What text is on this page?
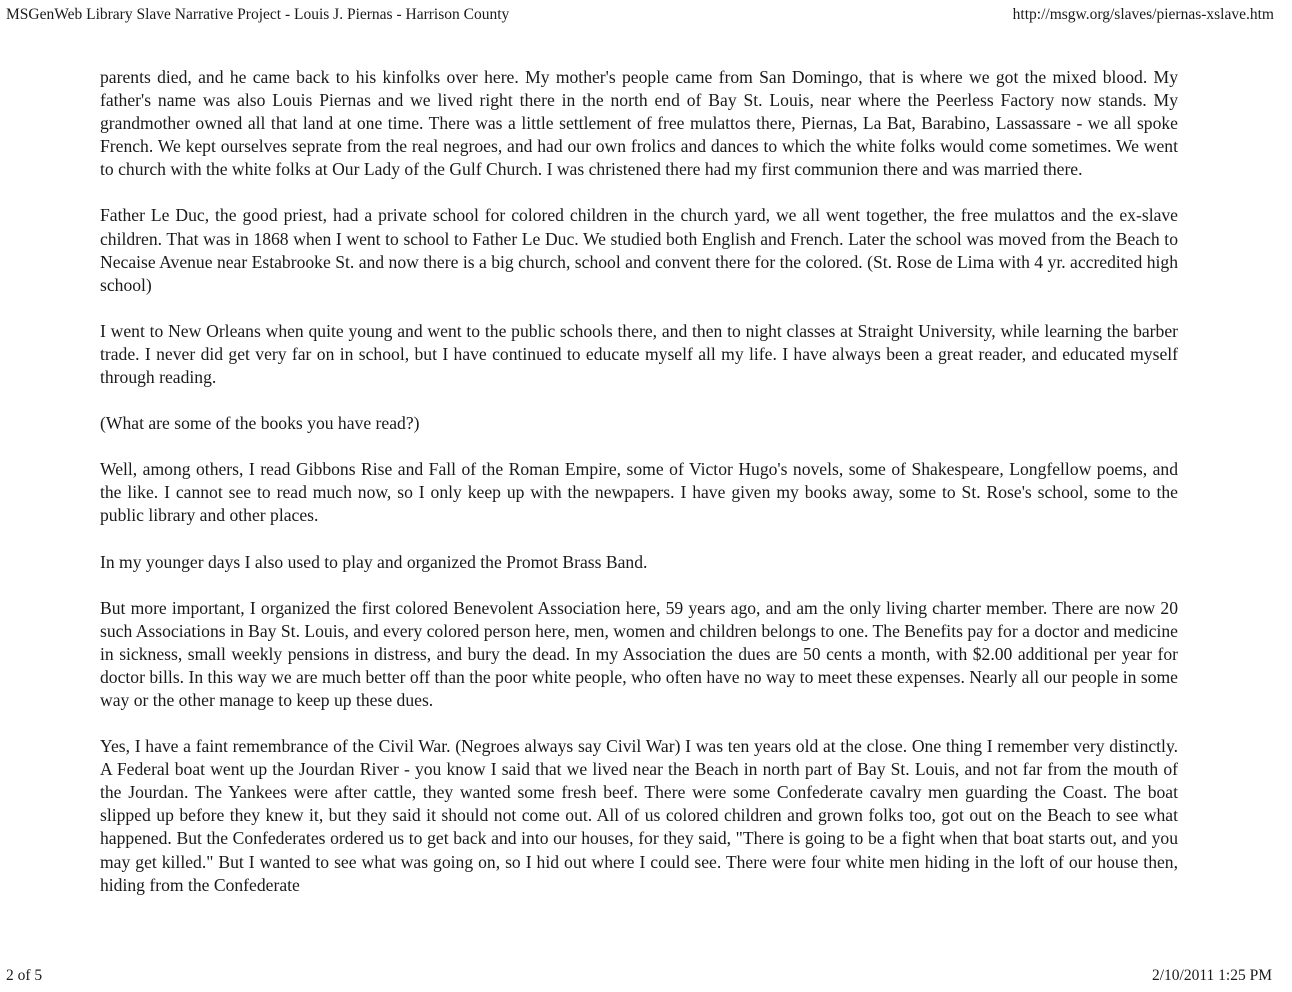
MSGenWeb Library Slave Narrative Project - Louis J. Piernas - Harrison County	http://msgw.org/slaves/piernas-xslave.htm

parents died, and he came back to his kinfolks over here. My mother's people came from San Domingo, that is where we got the mixed blood. My father's name was also Louis Piernas and we lived right there in the north end of Bay St. Louis, near where the Peerless Factory now stands. My grandmother owned all that land at one time. There was a little settlement of free mulattos there, Piernas, La Bat, Barabino, Lassassare - we all spoke French. We kept ourselves seprate from the real negroes, and had our own frolics and dances to which the white folks would come sometimes. We went to church with the white folks at Our Lady of the Gulf Church. I was christened there had my first communion there and was married there.

Father Le Duc, the good priest, had a private school for colored children in the church yard, we all went together, the free mulattos and the ex-slave children. That was in 1868 when I went to school to Father Le Duc. We studied both English and French. Later the school was moved from the Beach to Necaise Avenue near Estabrooke St. and now there is a big church, school and convent there for the colored. (St. Rose de Lima with 4 yr. accredited high school)

I went to New Orleans when quite young and went to the public schools there, and then to night classes at Straight University, while learning the barber trade. I never did get very far on in school, but I have continued to educate myself all my life. I have always been a great reader, and educated myself through reading.

(What are some of the books you have read?)

Well, among others, I read Gibbons Rise and Fall of the Roman Empire, some of Victor Hugo's novels, some of Shakespeare, Longfellow poems, and the like. I cannot see to read much now, so I only keep up with the newpapers. I have given my books away, some to St. Rose's school, some to the public library and other places.

In my younger days I also used to play and organized the Promot Brass Band.

But more important, I organized the first colored Benevolent Association here, 59 years ago, and am the only living charter member. There are now 20 such Associations in Bay St. Louis, and every colored person here, men, women and children belongs to one. The Benefits pay for a doctor and medicine in sickness, small weekly pensions in distress, and bury the dead. In my Association the dues are 50 cents a month, with $2.00 additional per year for doctor bills. In this way we are much better off than the poor white people, who often have no way to meet these expenses. Nearly all our people in some way or the other manage to keep up these dues.

Yes, I have a faint remembrance of the Civil War. (Negroes always say Civil War) I was ten years old at the close. One thing I remember very distinctly. A Federal boat went up the Jourdan River - you know I said that we lived near the Beach in north part of Bay St. Louis, and not far from the mouth of the Jourdan. The Yankees were after cattle, they wanted some fresh beef. There were some Confederate cavalry men guarding the Coast. The boat slipped up before they knew it, but they said it should not come out. All of us colored children and grown folks too, got out on the Beach to see what happened. But the Confederates ordered us to get back and into our houses, for they said, "There is going to be a fight when that boat starts out, and you may get killed." But I wanted to see what was going on, so I hid out where I could see. There were four white men hiding in the loft of our house then, hiding from the Confederate

2 of 5	2/10/2011 1:25 PM
